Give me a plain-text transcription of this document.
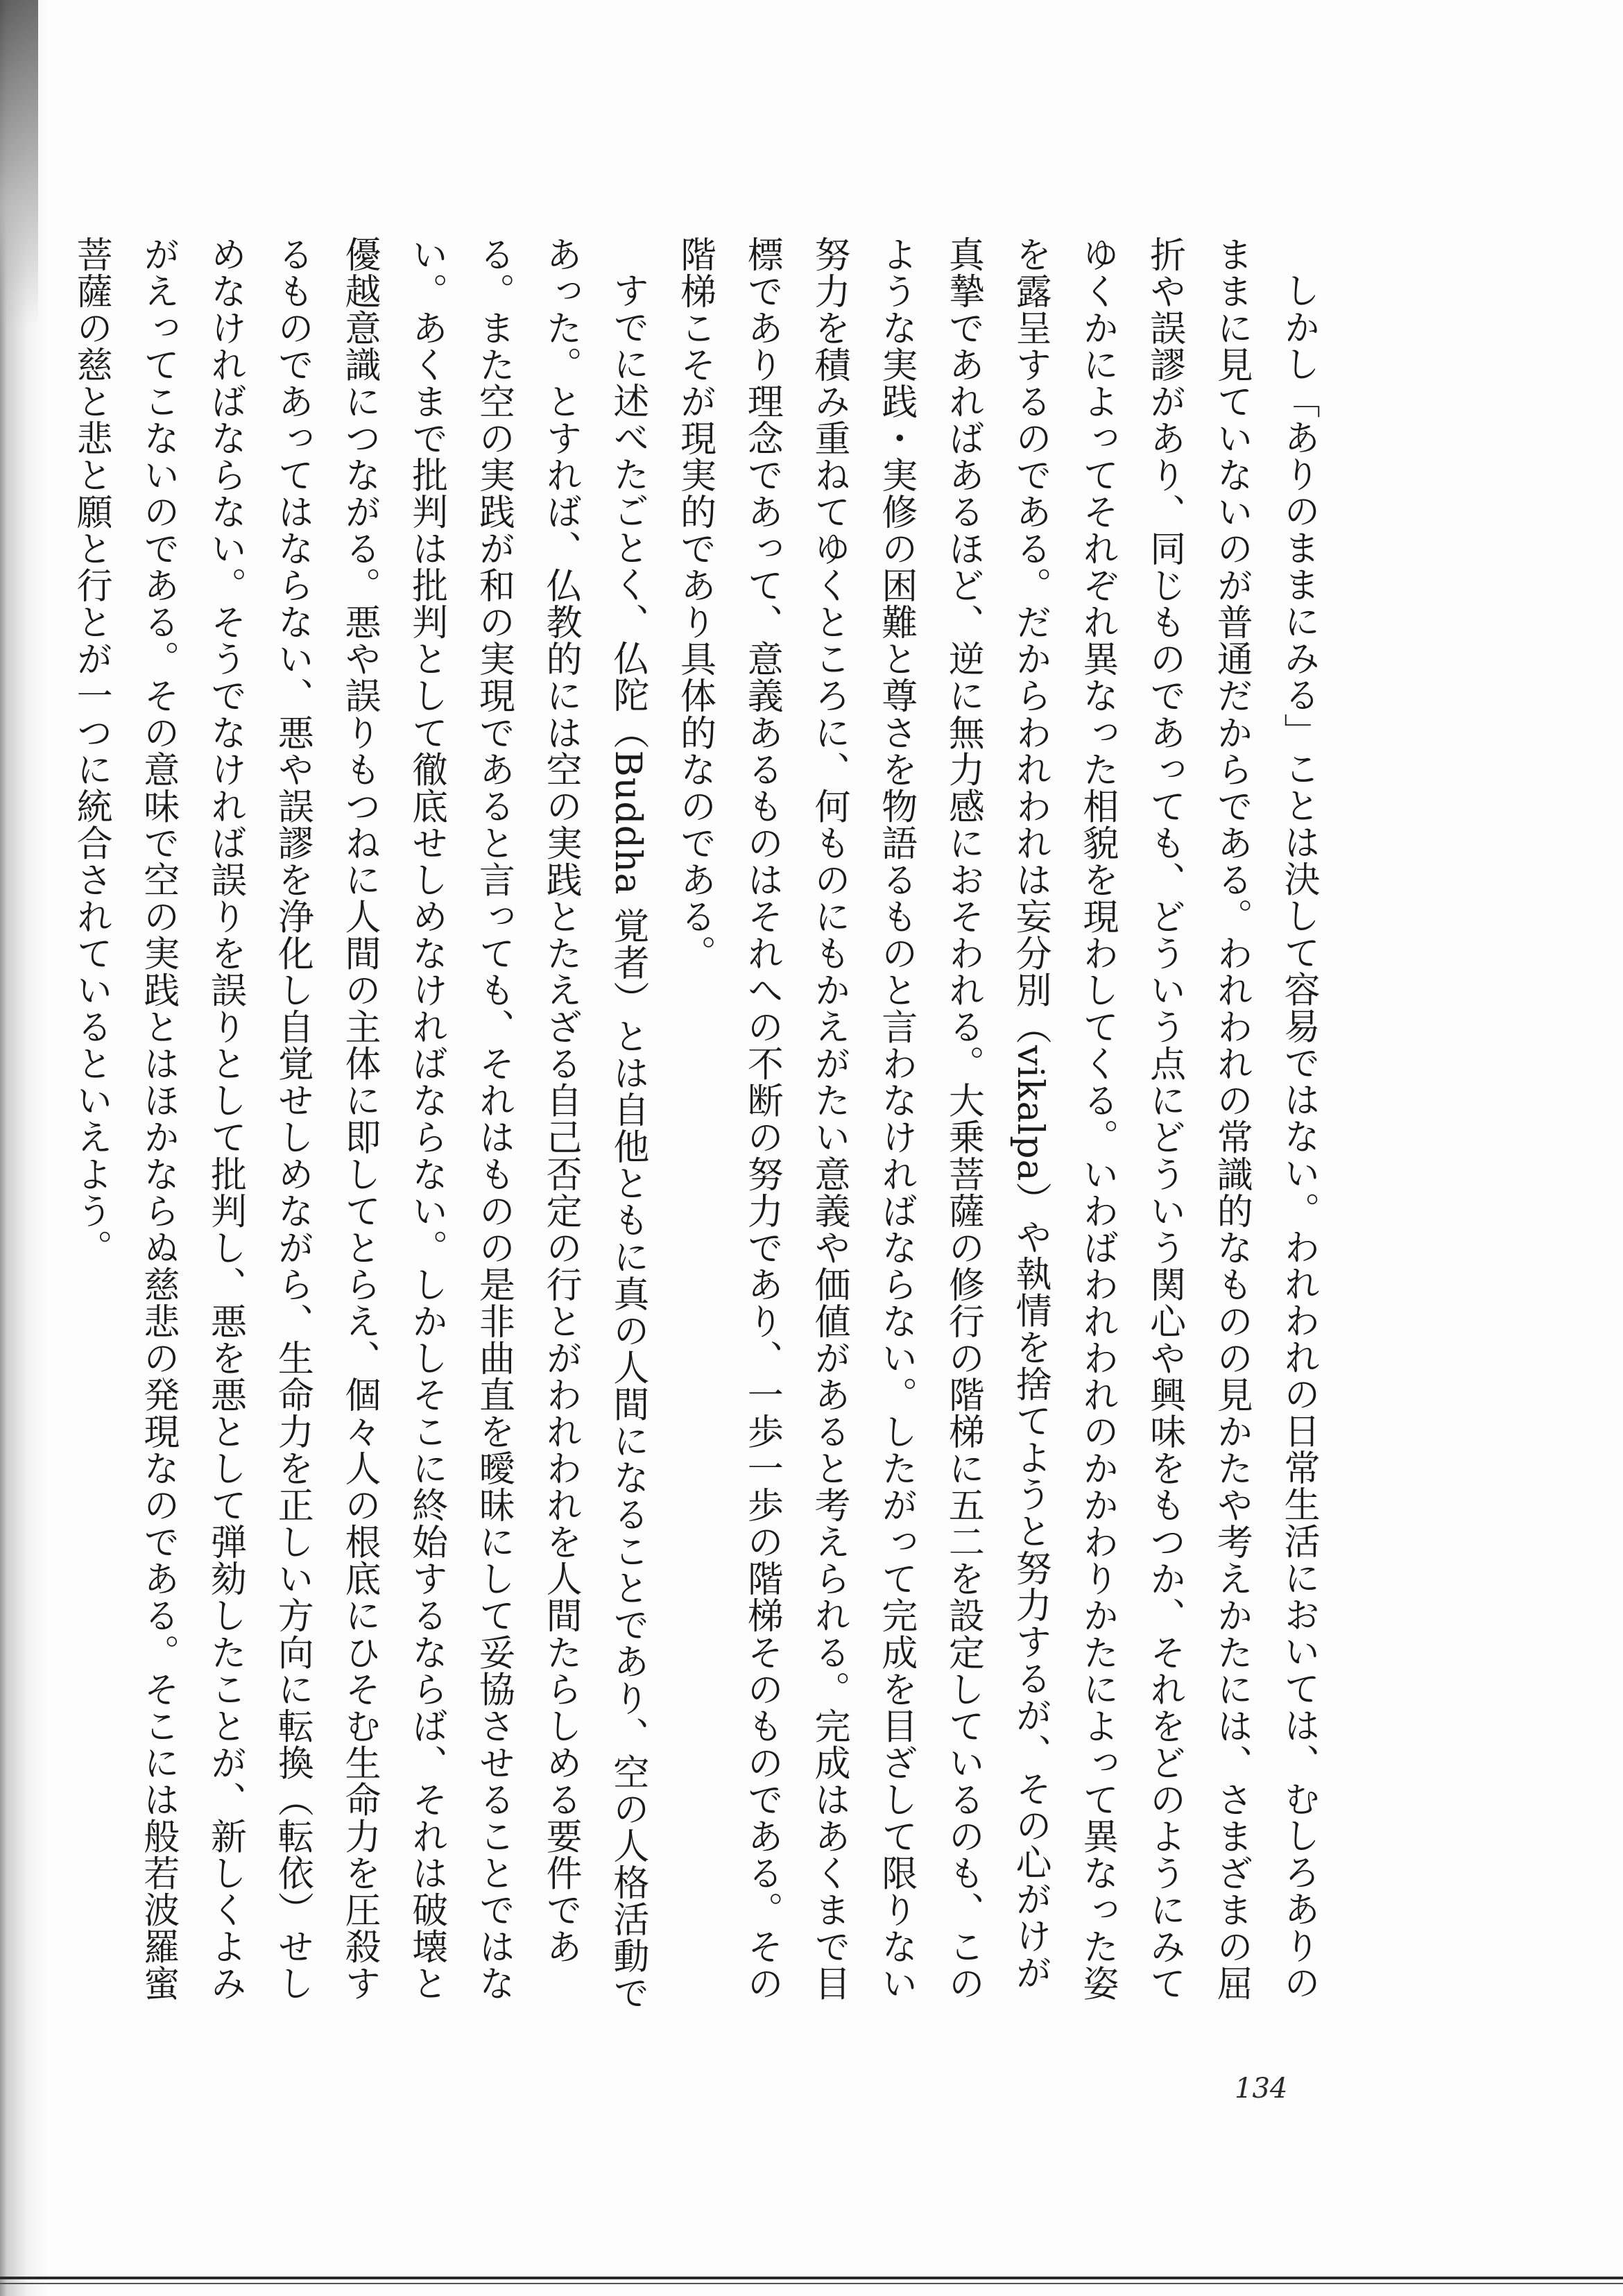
しかし「ありのままにみる」ことは決して容易ではない。われわれの日常生活においては、むしろありのままに見ていないのが普通だからである。われわれの常識的なものの見かたや考えかたには、さまざまの屈折や誤謬があり、同じものであっても、どういう点にどういう関心や興味をもつか、それをどのようにみてゆくかによってそれぞれ異なった相貌を現わしてくる。いわばわれわれのかかわりかたによって異なった姿を露呈するのである。だからわれわれは妄分別（vikalpa）や執情を捨てようと努力するが、その心がけが真摯であればあるほど、逆に無力感におそわれる。大乗菩薩の修行の階梯に五二を設定しているのも、このような実践・実修の困難と尊さを物語るものと言わなければならない。したがって完成を目ざして限りない努力を積み重ねてゆくところに、何ものにもかえがたい意義や価値があると考えられる。完成はあくまで目標であり理念であって、意義あるものはそれへの不断の努力であり、一歩一歩の階梯そのものである。その階梯こそが現実的であり具体的なのである。

すでに述べたごとく、仏陀（Buddha 覚者）とは自他ともに真の人間になることであり、空の人格活動であった。とすれば、仏教的には空の実践とたえざる自己否定の行とがわれわれを人間たらしめる要件である。また空の実践が和の実現であると言っても、それはものの是非曲直を曖昧にして妥協させることではない。あくまで批判は批判として徹底せしめなければならない。しかしそこに終始するならば、それは破壊と優越意識につながる。悪や誤りもつねに人間の主体に即してとらえ、個々人の根底にひそむ生命力を圧殺するものであってはならない、悪や誤謬を浄化し自覚せしめながら、生命力を正しい方向に転換（転依）せしめなければならない。そうでなければ誤りを誤りとして批判し、悪を悪として弾劾したことが、新しくよみがえってこないのである。その意味で空の実践とはほかならぬ慈悲の発現なのである。そこには般若波羅蜜菩薩の慈と悲と願と行とが一つに統合されているといえよう。

134
